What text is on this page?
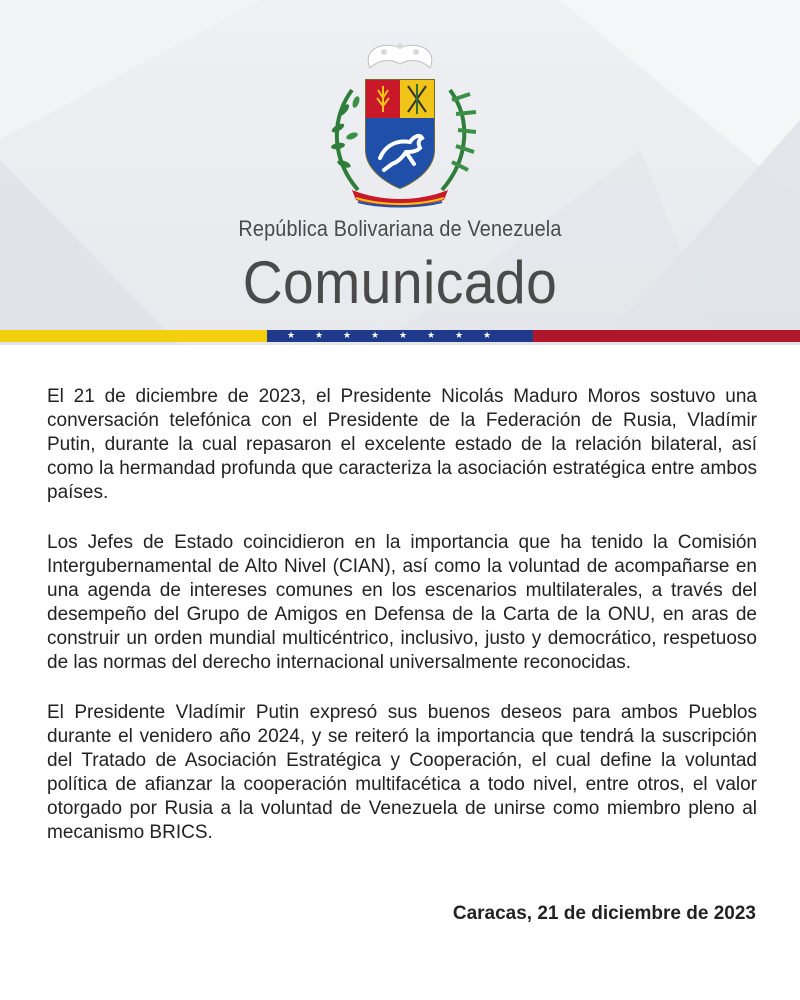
República Bolivariana de Venezuela
Comunicado
★ ★ ★ ★ ★ ★ ★ ★

El 21 de diciembre de 2023, el Presidente Nicolás Maduro Moros sostuvo una conversación telefónica con el Presidente de la Federación de Rusia, Vladímir Putin, durante la cual repasaron el excelente estado de la relación bilateral, así como la hermandad profunda que caracteriza la asociación estratégica entre ambos países.

Los Jefes de Estado coincidieron en la importancia que ha tenido la Comisión Intergubernamental de Alto Nivel (CIAN), así como la voluntad de acompañarse en una agenda de intereses comunes en los escenarios multilaterales, a través del desempeño del Grupo de Amigos en Defensa de la Carta de la ONU, en aras de construir un orden mundial multicéntrico, inclusivo, justo y democrático, respetuoso de las normas del derecho internacional universalmente reconocidas.

El Presidente Vladímir Putin expresó sus buenos deseos para ambos Pueblos durante el venidero año 2024, y se reiteró la importancia que tendrá la suscripción del Tratado de Asociación Estratégica y Cooperación, el cual define la voluntad política de afianzar la cooperación multifacética a todo nivel, entre otros, el valor otorgado por Rusia a la voluntad de Venezuela de unirse como miembro pleno al mecanismo BRICS.

Caracas, 21 de diciembre de 2023
